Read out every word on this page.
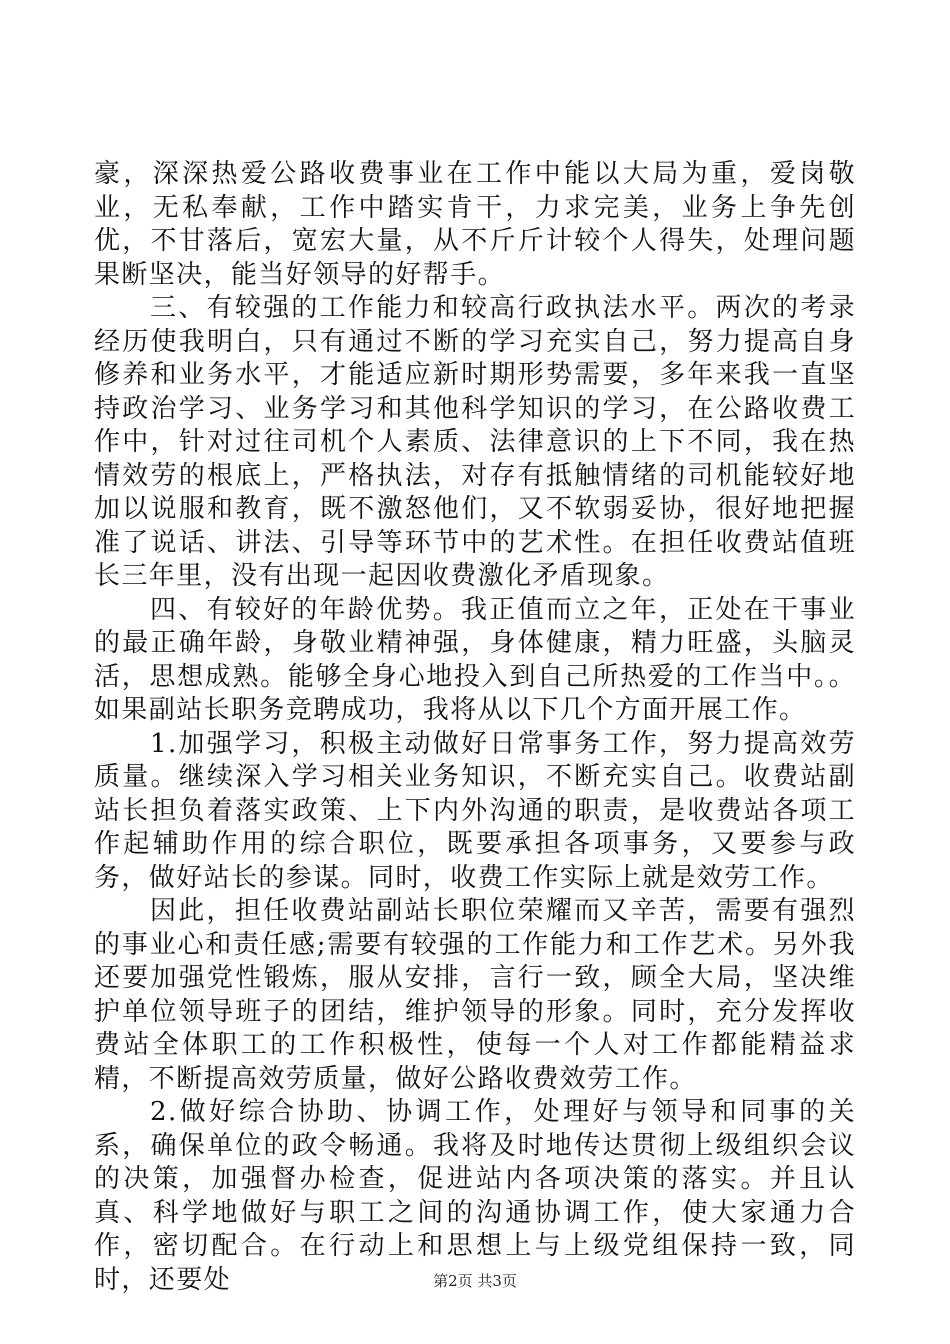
豪，深深热爱公路收费事业在工作中能以大局为重，爱岗敬业，无私奉献，工作中踏实肯干，力求完美，业务上争先创优，不甘落后，宽宏大量，从不斤斤计较个人得失，处理问题果断坚决，能当好领导的好帮手。

三、有较强的工作能力和较高行政执法水平。两次的考录经历使我明白，只有通过不断的学习充实自己，努力提高自身修养和业务水平，才能适应新时期形势需要，多年来我一直坚持政治学习、业务学习和其他科学知识的学习，在公路收费工作中，针对过往司机个人素质、法律意识的上下不同，我在热情效劳的根底上，严格执法，对存有抵触情绪的司机能较好地加以说服和教育，既不激怒他们，又不软弱妥协，很好地把握准了说话、讲法、引导等环节中的艺术性。在担任收费站值班长三年里，没有出现一起因收费激化矛盾现象。

四、有较好的年龄优势。我正值而立之年，正处在干事业的最正确年龄，身敬业精神强，身体健康，精力旺盛，头脑灵活，思想成熟。能够全身心地投入到自己所热爱的工作当中。。如果副站长职务竞聘成功，我将从以下几个方面开展工作。

1.加强学习，积极主动做好日常事务工作，努力提高效劳质量。继续深入学习相关业务知识，不断充实自己。收费站副站长担负着落实政策、上下内外沟通的职责，是收费站各项工作起辅助作用的综合职位，既要承担各项事务，又要参与政务，做好站长的参谋。同时，收费工作实际上就是效劳工作。

因此，担任收费站副站长职位荣耀而又辛苦，需要有强烈的事业心和责任感;需要有较强的工作能力和工作艺术。另外我还要加强党性锻炼，服从安排，言行一致，顾全大局，坚决维护单位领导班子的团结，维护领导的形象。同时，充分发挥收费站全体职工的工作积极性，使每一个人对工作都能精益求精，不断提高效劳质量，做好公路收费效劳工作。

2.做好综合协助、协调工作，处理好与领导和同事的关系，确保单位的政令畅通。我将及时地传达贯彻上级组织会议的决策，加强督办检查，促进站内各项决策的落实。并且认真、科学地做好与职工之间的沟通协调工作，使大家通力合作，密切配合。在行动上和思想上与上级党组保持一致，同时，还要处	第2页 共3页
